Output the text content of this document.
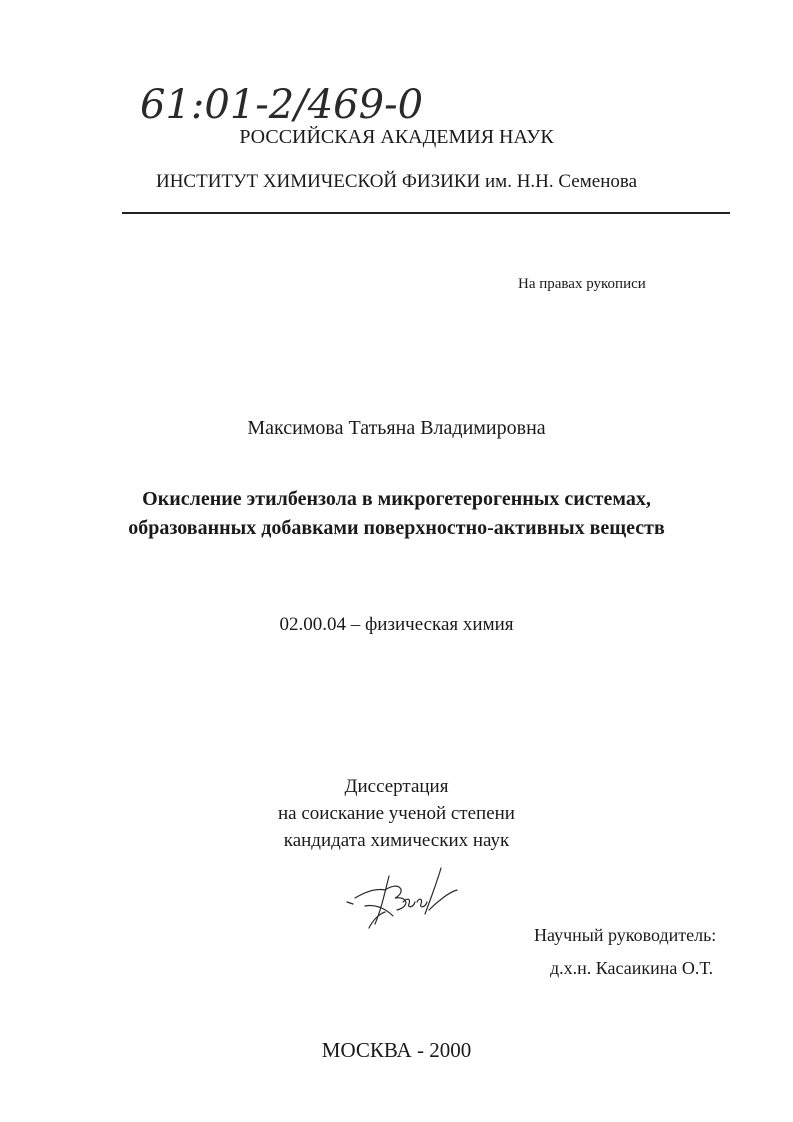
61:01-2/469-0
РОССИЙСКАЯ АКАДЕМИЯ НАУК
ИНСТИТУТ ХИМИЧЕСКОЙ ФИЗИКИ им. Н.Н. Семенова
На правах рукописи
Максимова Татьяна Владимировна
Окисление этилбензола в микрогетерогенных системах,
образованных добавками поверхностно-активных веществ
02.00.04 – физическая химия
Диссертация
на соискание ученой степени
кандидата химических наук
Научный руководитель:
д.х.н. Касаикина О.Т.
МОСКВА - 2000
